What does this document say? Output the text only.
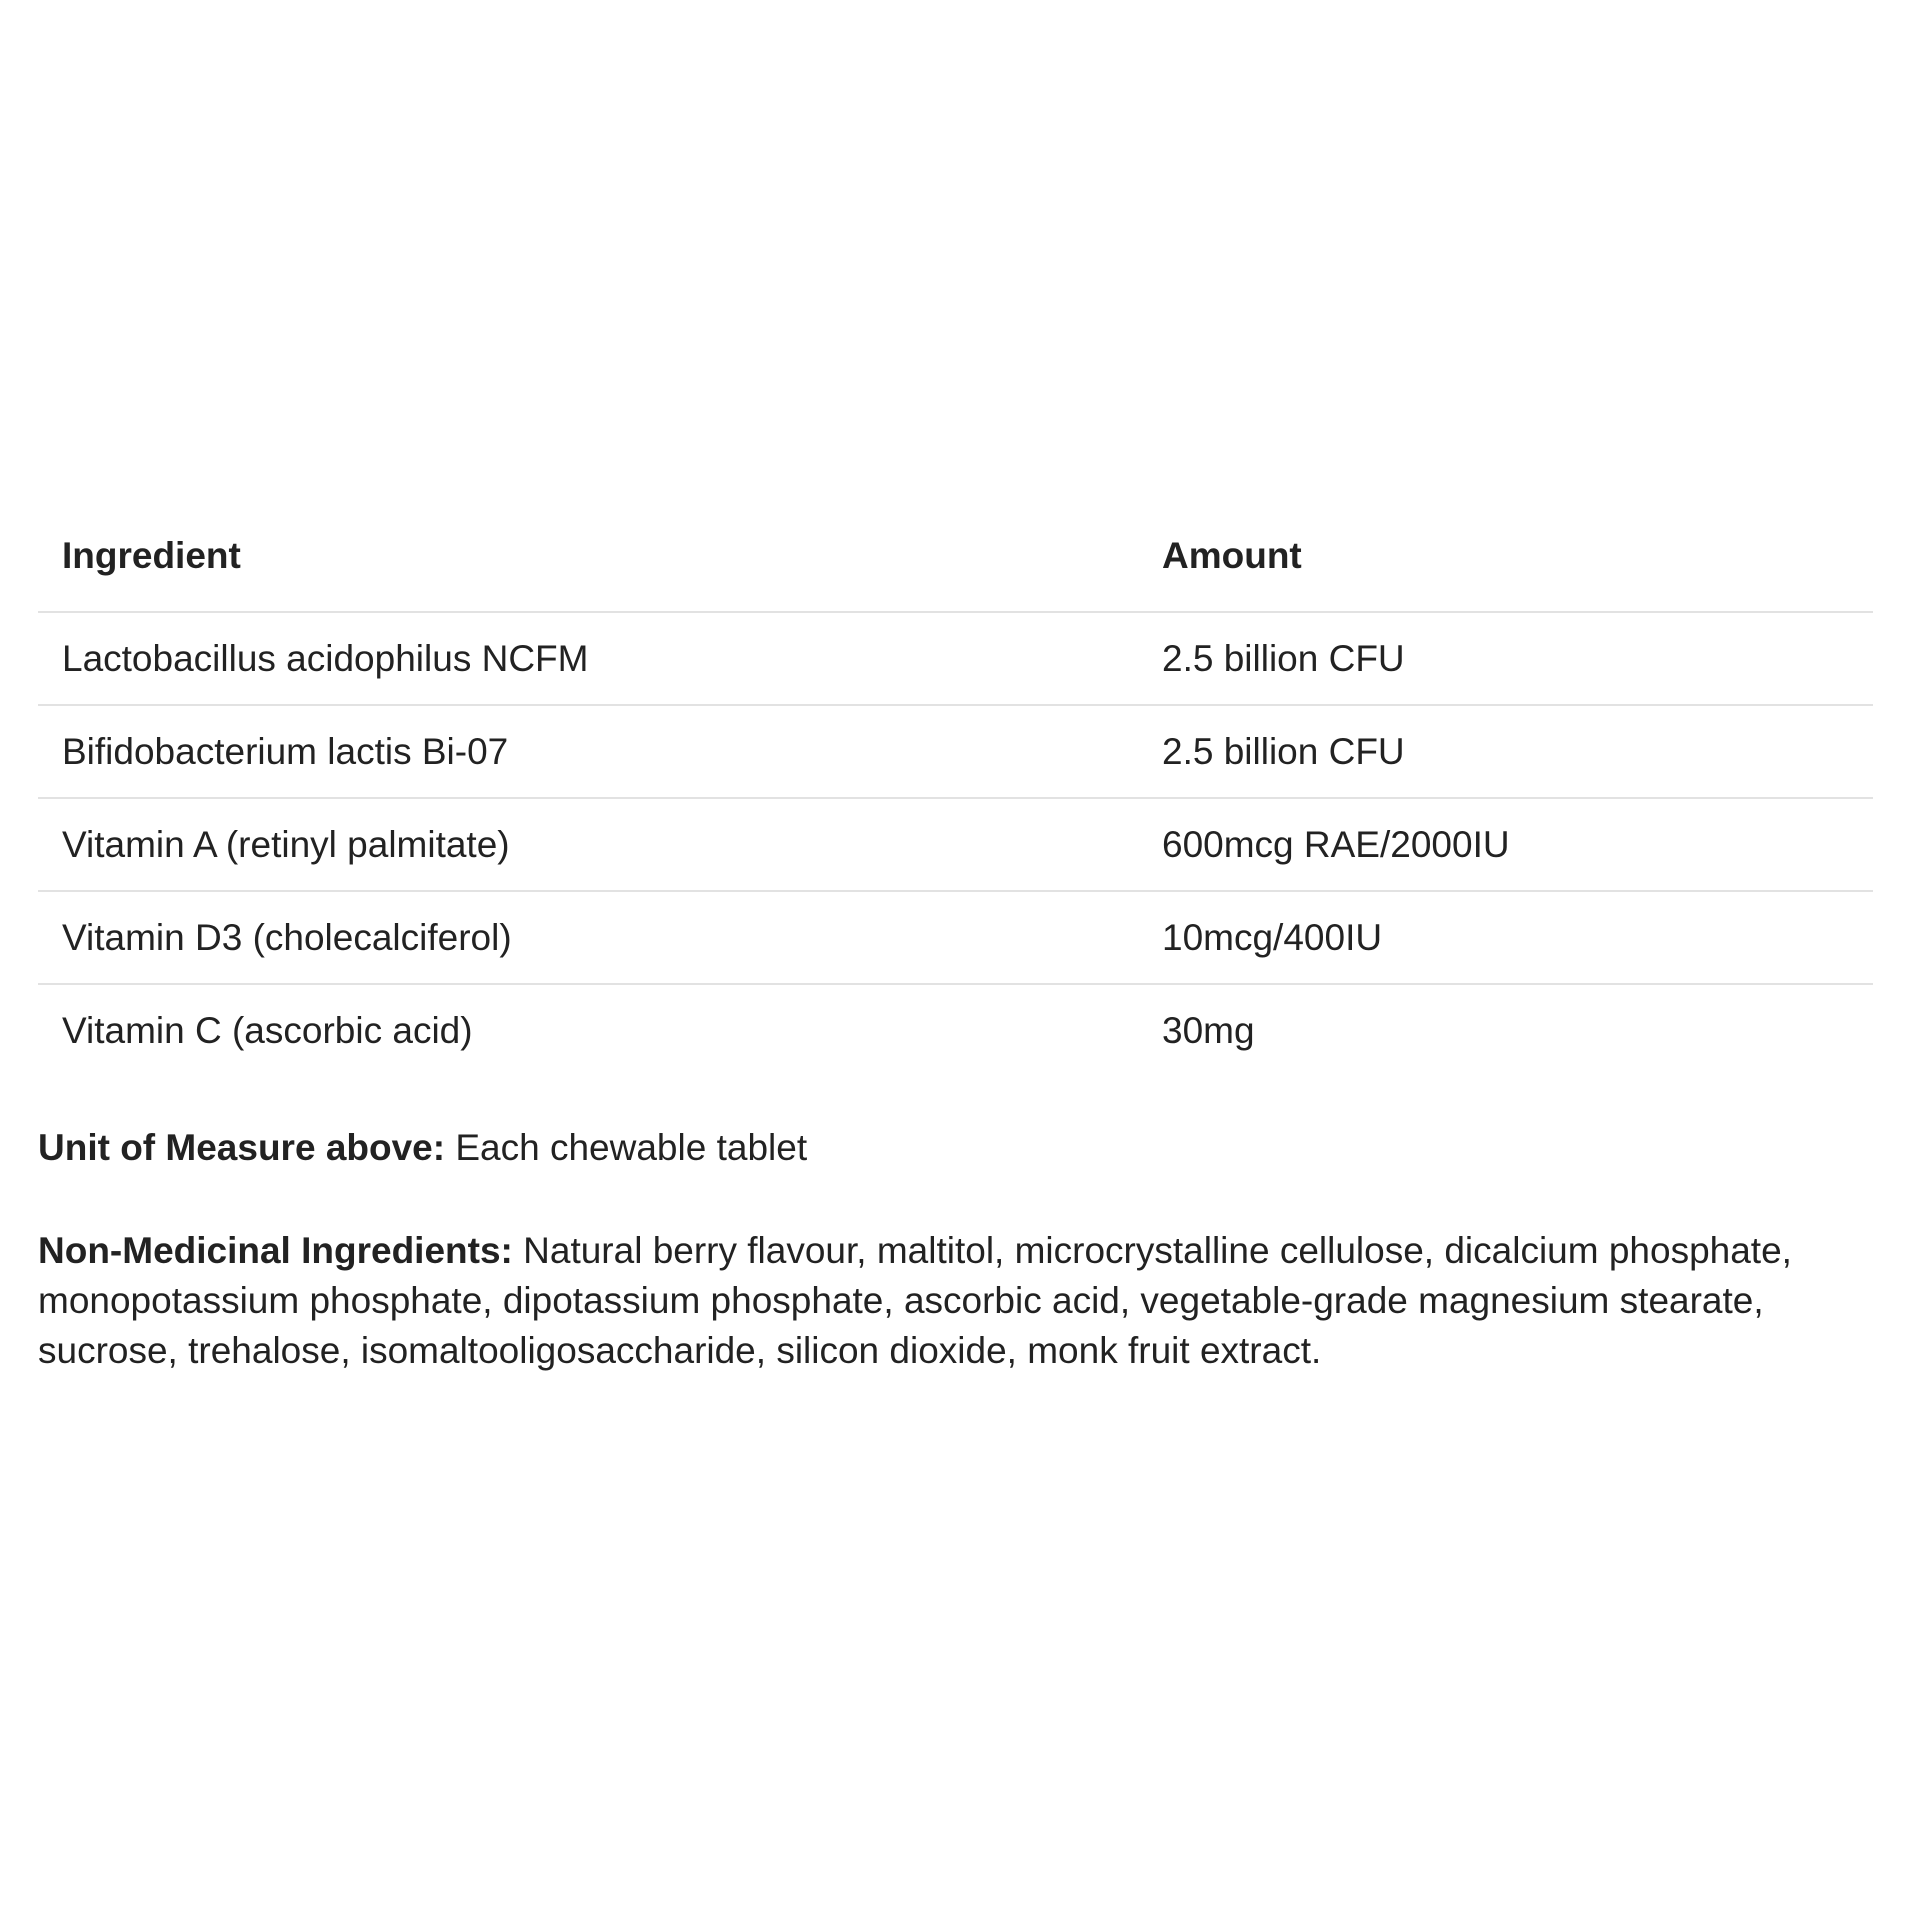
Ingredient	Amount
Lactobacillus acidophilus NCFM	2.5 billion CFU
Bifidobacterium lactis Bi-07	2.5 billion CFU
Vitamin A (retinyl palmitate)	600mcg RAE/2000IU
Vitamin D3 (cholecalciferol)	10mcg/400IU
Vitamin C (ascorbic acid)	30mg

Unit of Measure above: Each chewable tablet

Non-Medicinal Ingredients: Natural berry flavour, maltitol, microcrystalline cellulose, dicalcium phosphate, monopotassium phosphate, dipotassium phosphate, ascorbic acid, vegetable-grade magnesium stearate, sucrose, trehalose, isomaltooligosaccharide, silicon dioxide, monk fruit extract.
